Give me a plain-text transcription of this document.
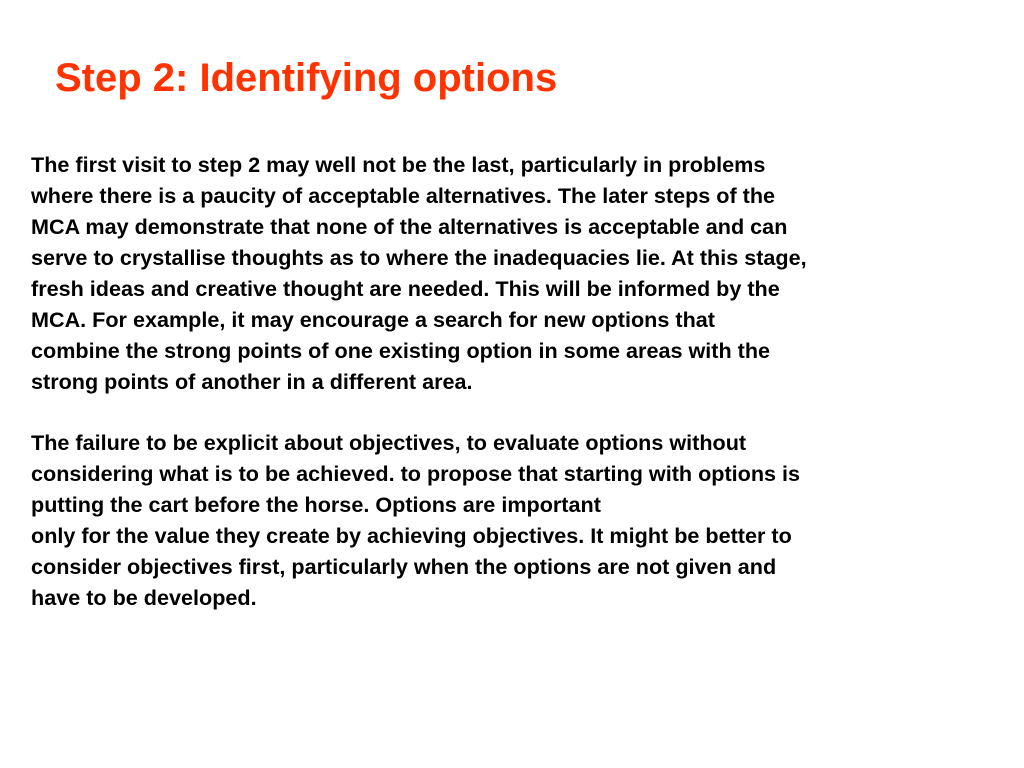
Step 2: Identifying options
The first visit to step 2 may well not be the last, particularly in problems
where there is a paucity of acceptable alternatives. The later steps of the
MCA may demonstrate that none of the alternatives is acceptable and can
serve to crystallise thoughts as to where the inadequacies lie. At this stage,
fresh ideas and creative thought are needed. This will be informed by the
MCA. For example, it may encourage a search for new options that
combine the strong points of one existing option in some areas with the
strong points of another in a different area.
The failure to be explicit about objectives, to evaluate options without
considering what is to be achieved. to propose that starting with options is
putting the cart before the horse. Options are important
only for the value they create by achieving objectives. It might be better to
consider objectives first, particularly when the options are not given and
have to be developed.
